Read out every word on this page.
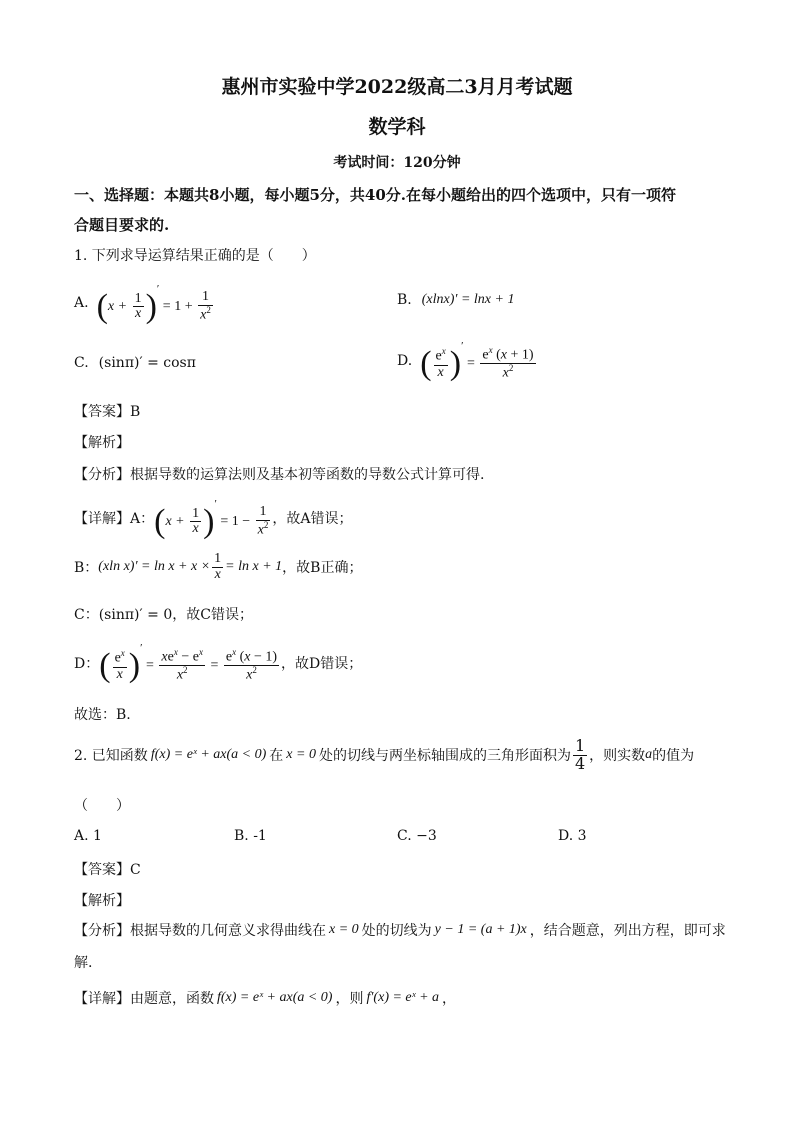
惠州市实验中学2022级高二3月月考试题
数学科
考试时间：120分钟
一、选择题：本题共8小题，每小题5分，共40分.在每小题给出的四个选项中，只有一项符
合题目要求的.
1. 下列求导运算结果正确的是（　　）
A. $(x + \frac{1}{x} )' = 1 + \frac{1}{x^2}$	B. (xlnx)′ = lnx + 1
C. (sinπ)′ = cosπ	D. ( $\frac{e^x}{x} )' = \frac{e^x (x + 1)}{x^2}$
【答案】B
【解析】
【分析】根据导数的运算法则及基本初等函数的导数公式计算可得.
【详解】A： $(x + \frac{1}{x} )' = 1 - \frac{1}{x^2}$ ，故A错误；
B： (xln $x)' = \ln x + x \times \frac{1}{x} = \ln x + 1$ ，故B正确；
C：(sinπ)′ = 0，故C错误；
D： ( $\frac{e^x}{x} )' = \frac{xe^x - e^x}{x^2} = \frac{e^x (x - 1)}{x^2}$ ，故D错误；
故选：B.
2. 已知函数 f(x) = eˣ + ax(a < 0) 在 x = 0 处的切线与两坐标轴围成的三角形面积为 $\frac{1}{4}$ ，则实数 a 的值为
（　　）
A. 1	B. -1	C. −3	D. 3
【答案】C
【解析】
【分析】根据导数的几何意义求得曲线在 x = 0 处的切线为 y − 1 = (a + 1)x ，结合题意，列出方程，即可求
解.
【详解】由题意，函数 f(x) = eˣ + ax(a < 0) ，则 f′(x) = eˣ + a ，
